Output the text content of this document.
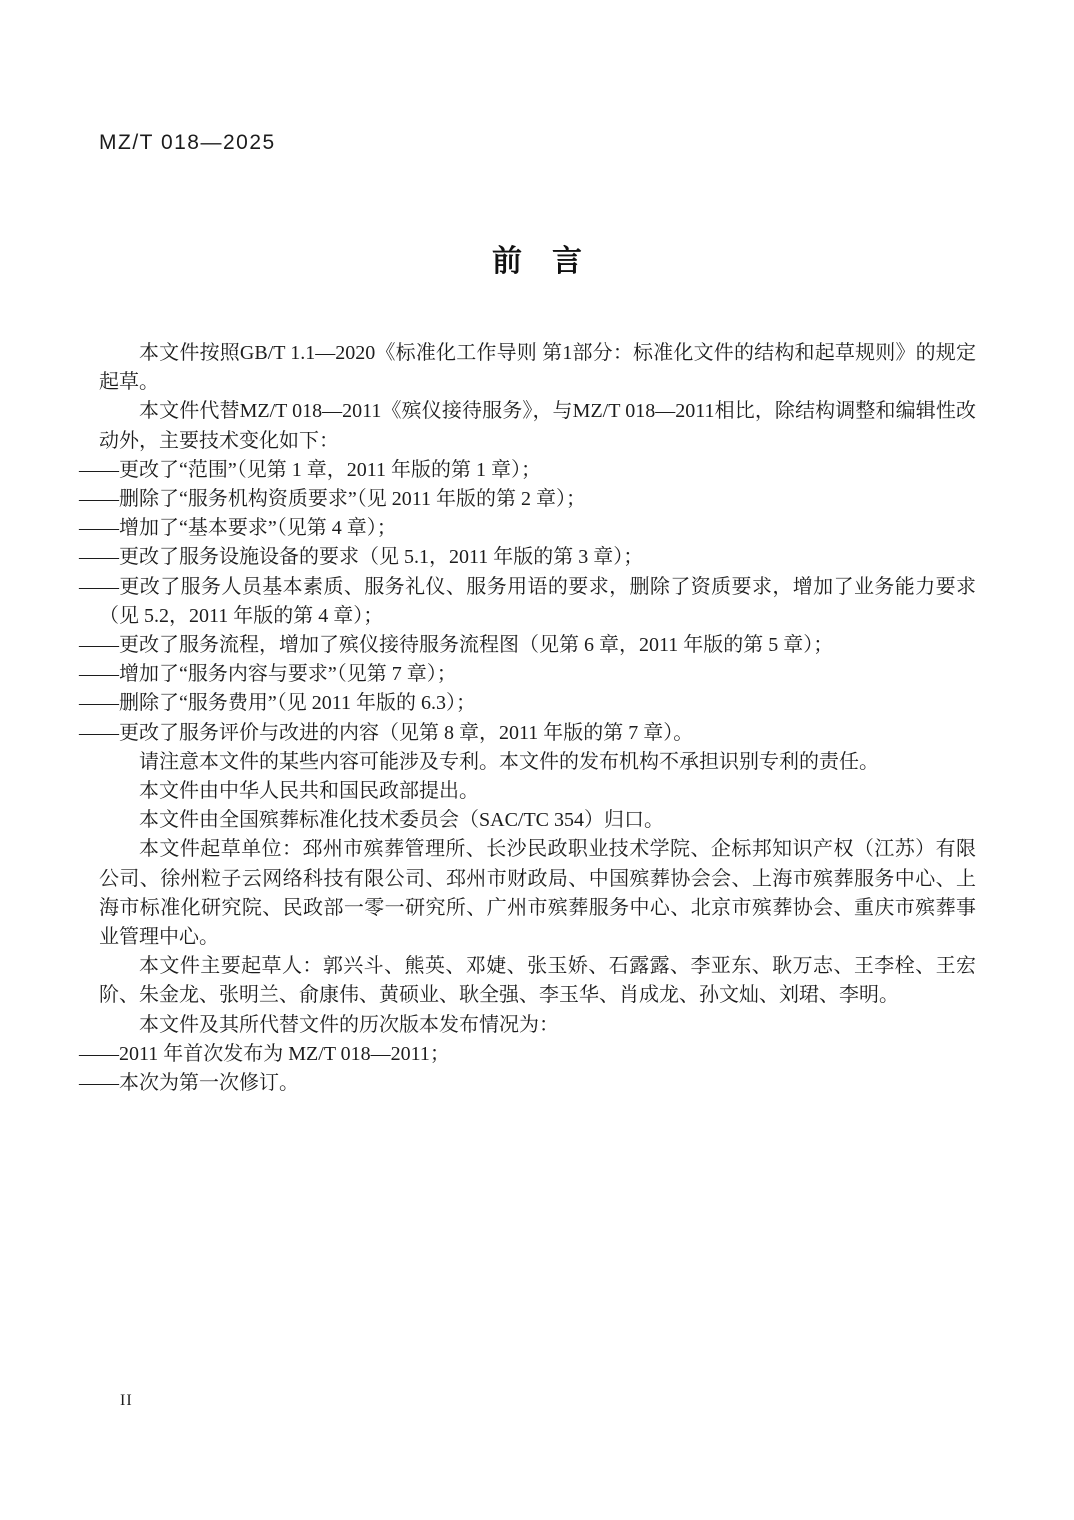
MZ/T 018—2025
前　言

本文件按照GB/T 1.1—2020《标准化工作导则 第1部分：标准化文件的结构和起草规则》的规定起草。

本文件代替MZ/T 018—2011《殡仪接待服务》，与MZ/T 018—2011相比，除结构调整和编辑性改动外，主要技术变化如下：

——更改了“范围”（见第 1 章，2011 年版的第 1 章）；

——删除了“服务机构资质要求”（见 2011 年版的第 2 章）；

——增加了“基本要求”（见第 4 章）；

——更改了服务设施设备的要求（见 5.1，2011 年版的第 3 章）；

——更改了服务人员基本素质、服务礼仪、服务用语的要求，删除了资质要求，增加了业务能力要求（见 5.2，2011 年版的第 4 章）；

——更改了服务流程，增加了殡仪接待服务流程图（见第 6 章，2011 年版的第 5 章）；

——增加了“服务内容与要求”（见第 7 章）；

——删除了“服务费用”（见 2011 年版的 6.3）；

——更改了服务评价与改进的内容（见第 8 章，2011 年版的第 7 章）。

请注意本文件的某些内容可能涉及专利。本文件的发布机构不承担识别专利的责任。

本文件由中华人民共和国民政部提出。

本文件由全国殡葬标准化技术委员会（SAC/TC 354）归口。

本文件起草单位：邳州市殡葬管理所、长沙民政职业技术学院、企标邦知识产权（江苏）有限公司、徐州粒子云网络科技有限公司、邳州市财政局、中国殡葬协会会、上海市殡葬服务中心、上海市标准化研究院、民政部一零一研究所、广州市殡葬服务中心、北京市殡葬协会、重庆市殡葬事业管理中心。

本文件主要起草人：郭兴斗、熊英、邓婕、张玉娇、石露露、李亚东、耿万志、王李栓、王宏阶、朱金龙、张明兰、俞康伟、黄硕业、耿全强、李玉华、肖成龙、孙文灿、刘珺、李明。

本文件及其所代替文件的历次版本发布情况为：

——2011 年首次发布为 MZ/T 018—2011；

——本次为第一次修订。

II
